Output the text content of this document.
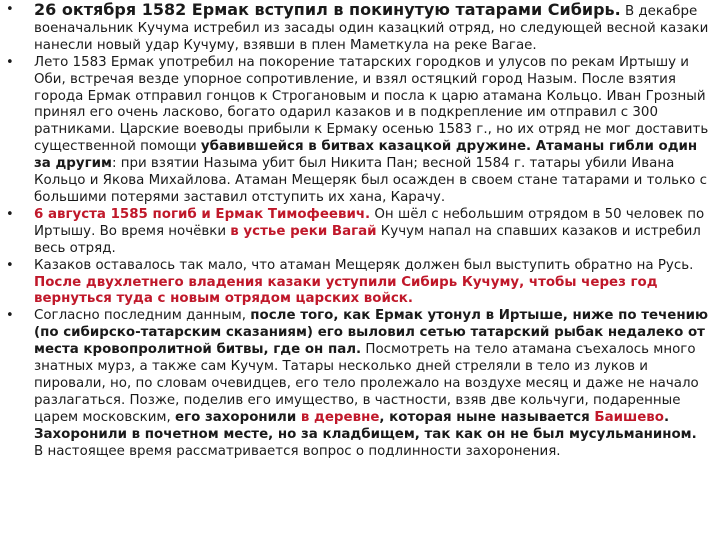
• 26 октября 1582 Ермак вступил в покинутую татарами Сибирь. В декабре военачальник Кучума истребил из засады один казацкий отряд, но следующей весной казаки нанесли новый удар Кучуму, взявши в плен Маметкула на реке Вагае.
• Лето 1583 Ермак употребил на покорение татарских городков и улусов по рекам Иртышу и Оби, встречая везде упорное сопротивление, и взял остяцкий город Назым. После взятия города Ермак отправил гонцов к Строгановым и посла к царю атамана Кольцо. Иван Грозный принял его очень ласково, богато одарил казаков и в подкрепление им отправил с 300 ратниками. Царские воеводы прибыли к Ермаку осенью 1583 г., но их отряд не мог доставить существенной помощи убавившейся в битвах казацкой дружине. Атаманы гибли один за другим: при взятии Назыма убит был Никита Пан; весной 1584 г. татары убили Ивана Кольцо и Якова Михайлова. Атаман Мещеряк был осажден в своем стане татарами и только с большими потерями заставил отступить их хана, Карачу.
• 6 августа 1585 погиб и Ермак Тимофеевич. Он шёл с небольшим отрядом в 50 человек по Иртышу. Во время ночёвки в устье реки Вагай Кучум напал на спавших казаков и истребил весь отряд.
• Казаков оставалось так мало, что атаман Мещеряк должен был выступить обратно на Русь. После двухлетнего владения казаки уступили Сибирь Кучуму, чтобы через год вернуться туда с новым отрядом царских войск.
• Согласно последним данным, после того, как Ермак утонул в Иртыше, ниже по течению (по сибирско-татарским сказаниям) его выловил сетью татарский рыбак недалеко от места кровопролитной битвы, где он пал. Посмотреть на тело атамана съехалось много знатных мурз, а также сам Кучум. Татары несколько дней стреляли в тело из луков и пировали, но, по словам очевидцев, его тело пролежало на воздухе месяц и даже не начало разлагаться. Позже, поделив его имущество, в частности, взяв две кольчуги, подаренные царем московским, его захоронили в деревне, которая ныне называется Баишево. Захоронили в почетном месте, но за кладбищем, так как он не был мусульманином. В настоящее время рассматривается вопрос о подлинности захоронения.
